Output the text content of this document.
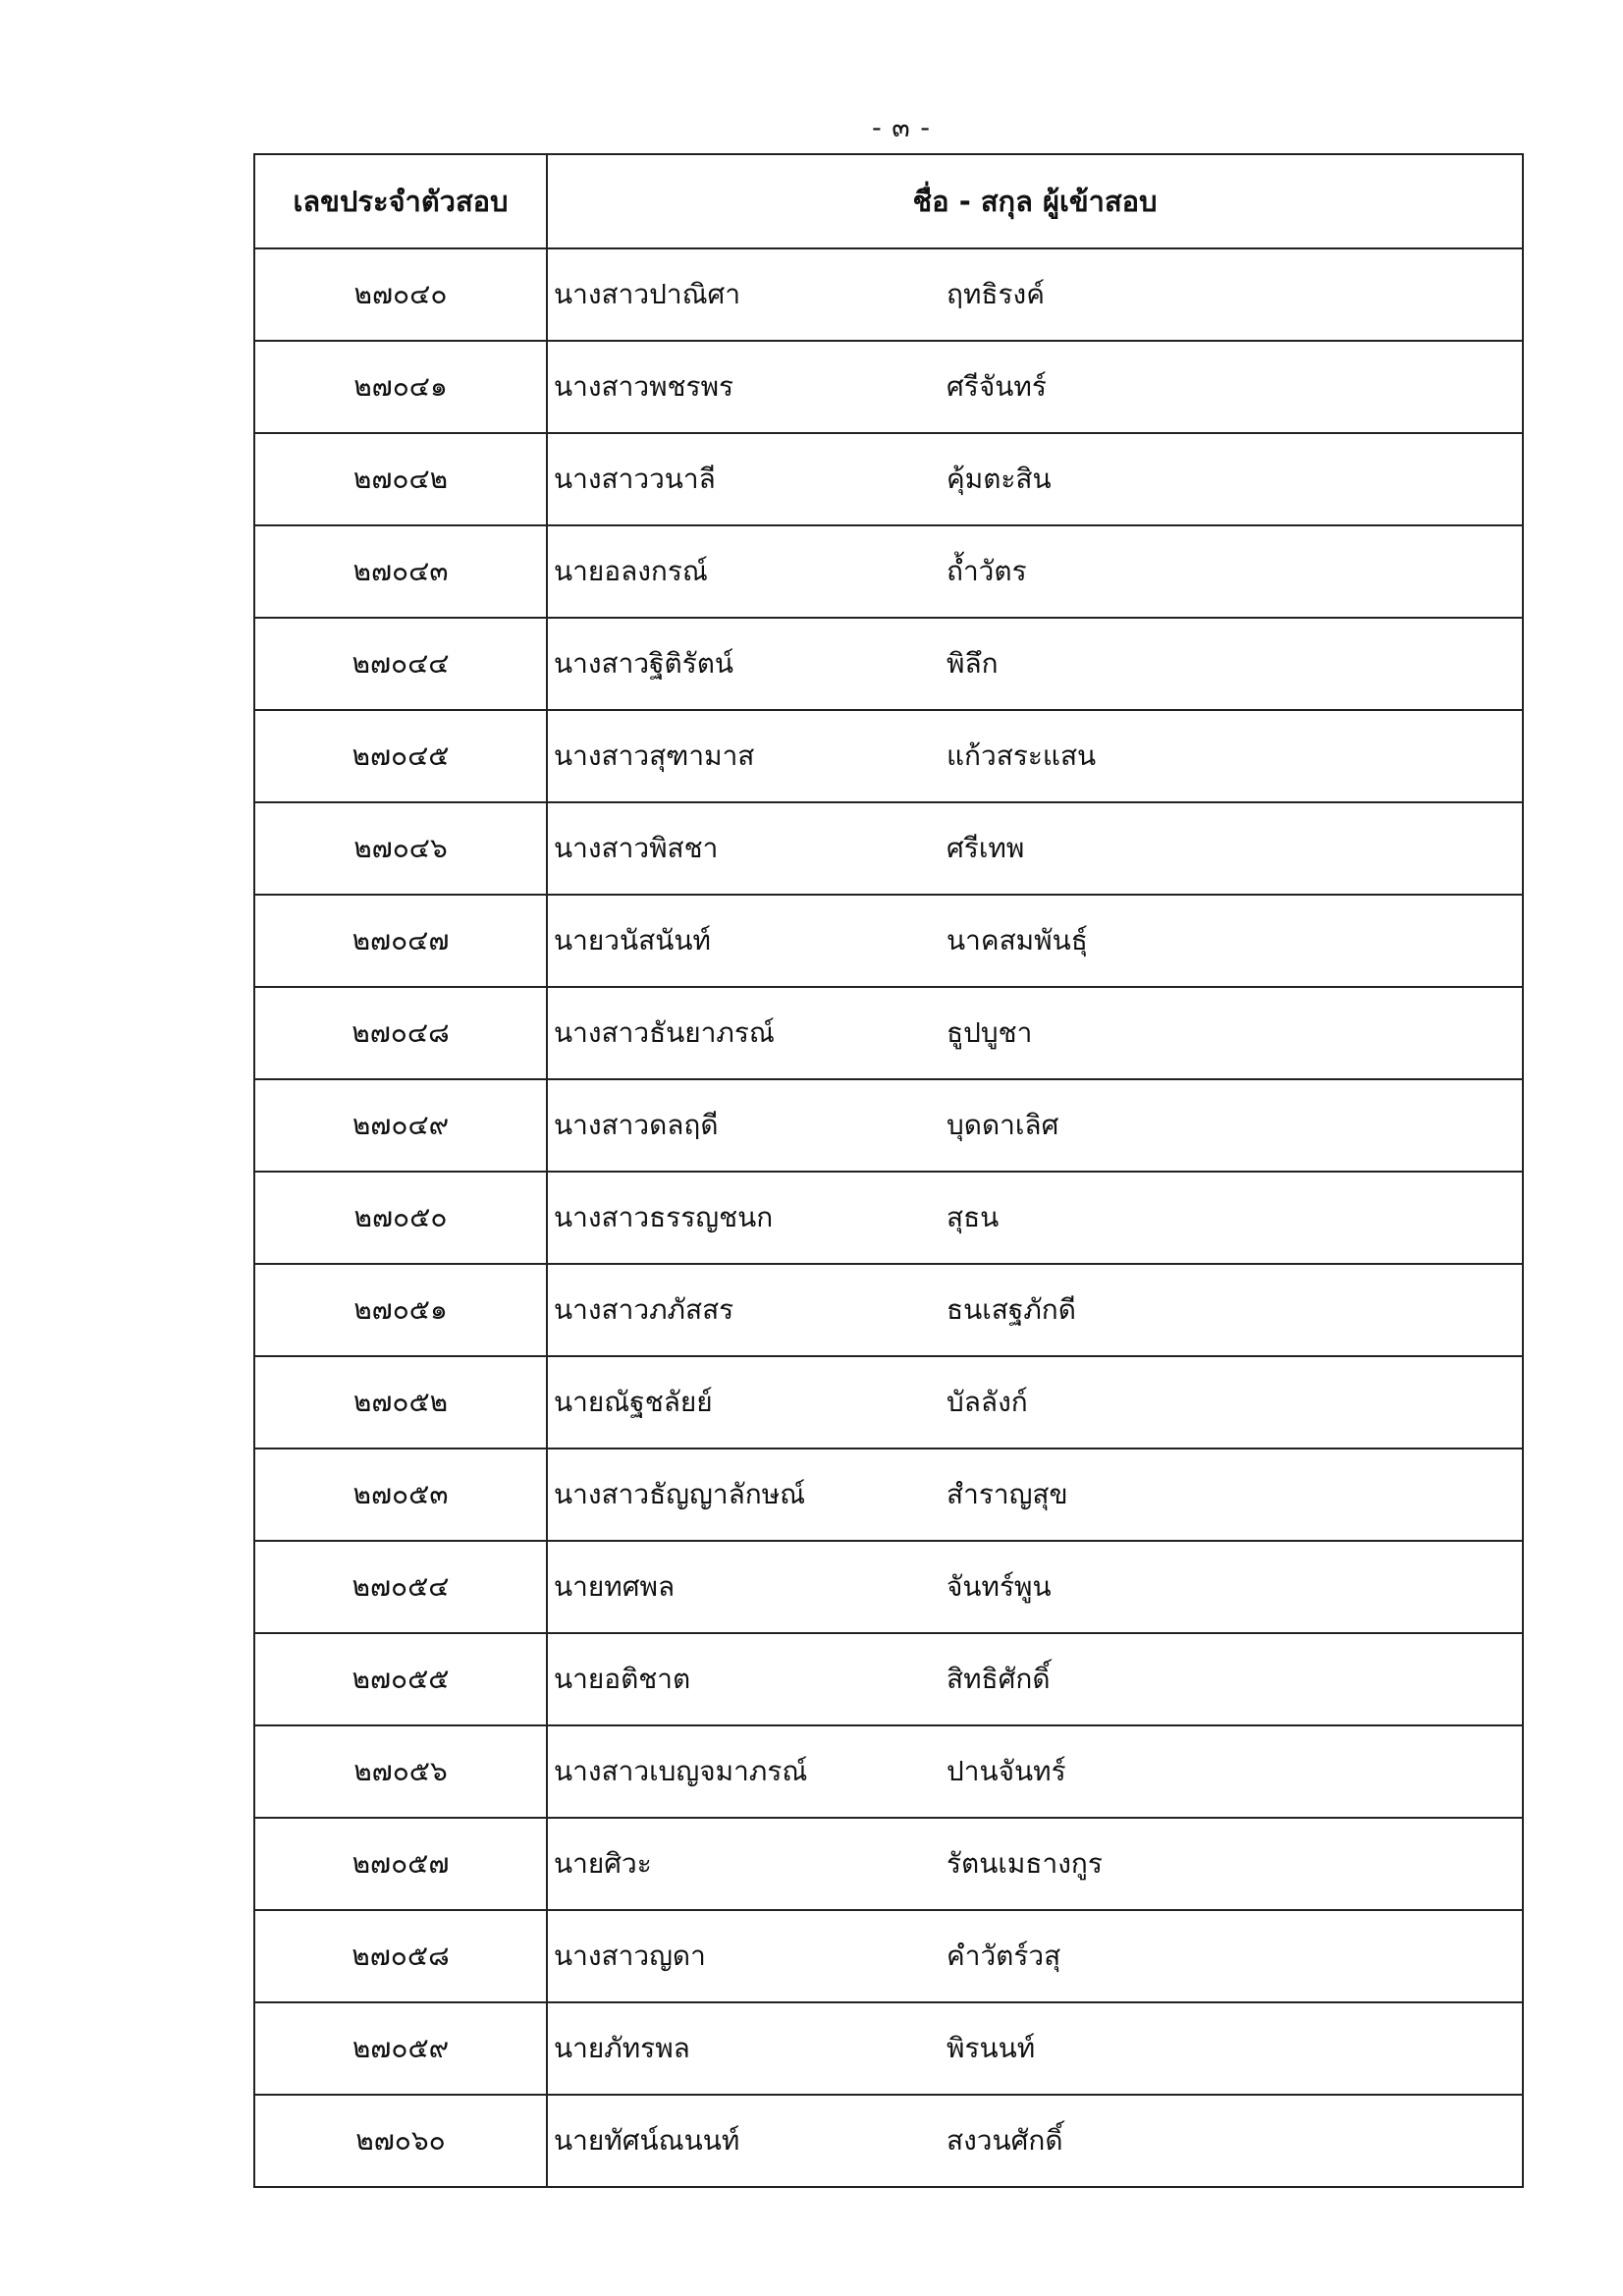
- ๓ -
เลขประจำตัวสอบ	ชื่อ - สกุล ผู้เข้าสอบ
๒๗๐๔๐	นางสาวปาณิศา ฤทธิรงค์

๒๗๐๔๑	นางสาวพชรพร ศรีจันทร์

๒๗๐๔๒	นางสาววนาลี คุ้มตะสิน

๒๗๐๔๓	นายอลงกรณ์ ถ้ำวัตร

๒๗๐๔๔	นางสาวฐิติรัตน์ พิลึก

๒๗๐๔๕	นางสาวสุฑามาส แก้วสระแสน

๒๗๐๔๖	นางสาวพิสชา ศรีเทพ

๒๗๐๔๗	นายวนัสนันท์ นาคสมพันธุ์

๒๗๐๔๘	นางสาวธันยาภรณ์ ธูปบูชา

๒๗๐๔๙	นางสาวดลฤดี บุดดาเลิศ

๒๗๐๕๐	นางสาวธรรญชนก สุธน

๒๗๐๕๑	นางสาวภภัสสร ธนเสฐภักดี

๒๗๐๕๒	นายณัฐชลัยย์ บัลลังก์

๒๗๐๕๓	นางสาวธัญญาลักษณ์ สำราญสุข

๒๗๐๕๔	นายทศพล จันทร์พูน

๒๗๐๕๕	นายอติชาต สิทธิศักดิ์

๒๗๐๕๖	นางสาวเบญจมาภรณ์ ปานจันทร์

๒๗๐๕๗	นายศิวะ รัตนเมธางกูร

๒๗๐๕๘	นางสาวญดา คำวัตร์วสุ

๒๗๐๕๙	นายภัทรพล พิรนนท์

๒๗๐๖๐	นายทัศน์ณนนท์ สงวนศักดิ์
